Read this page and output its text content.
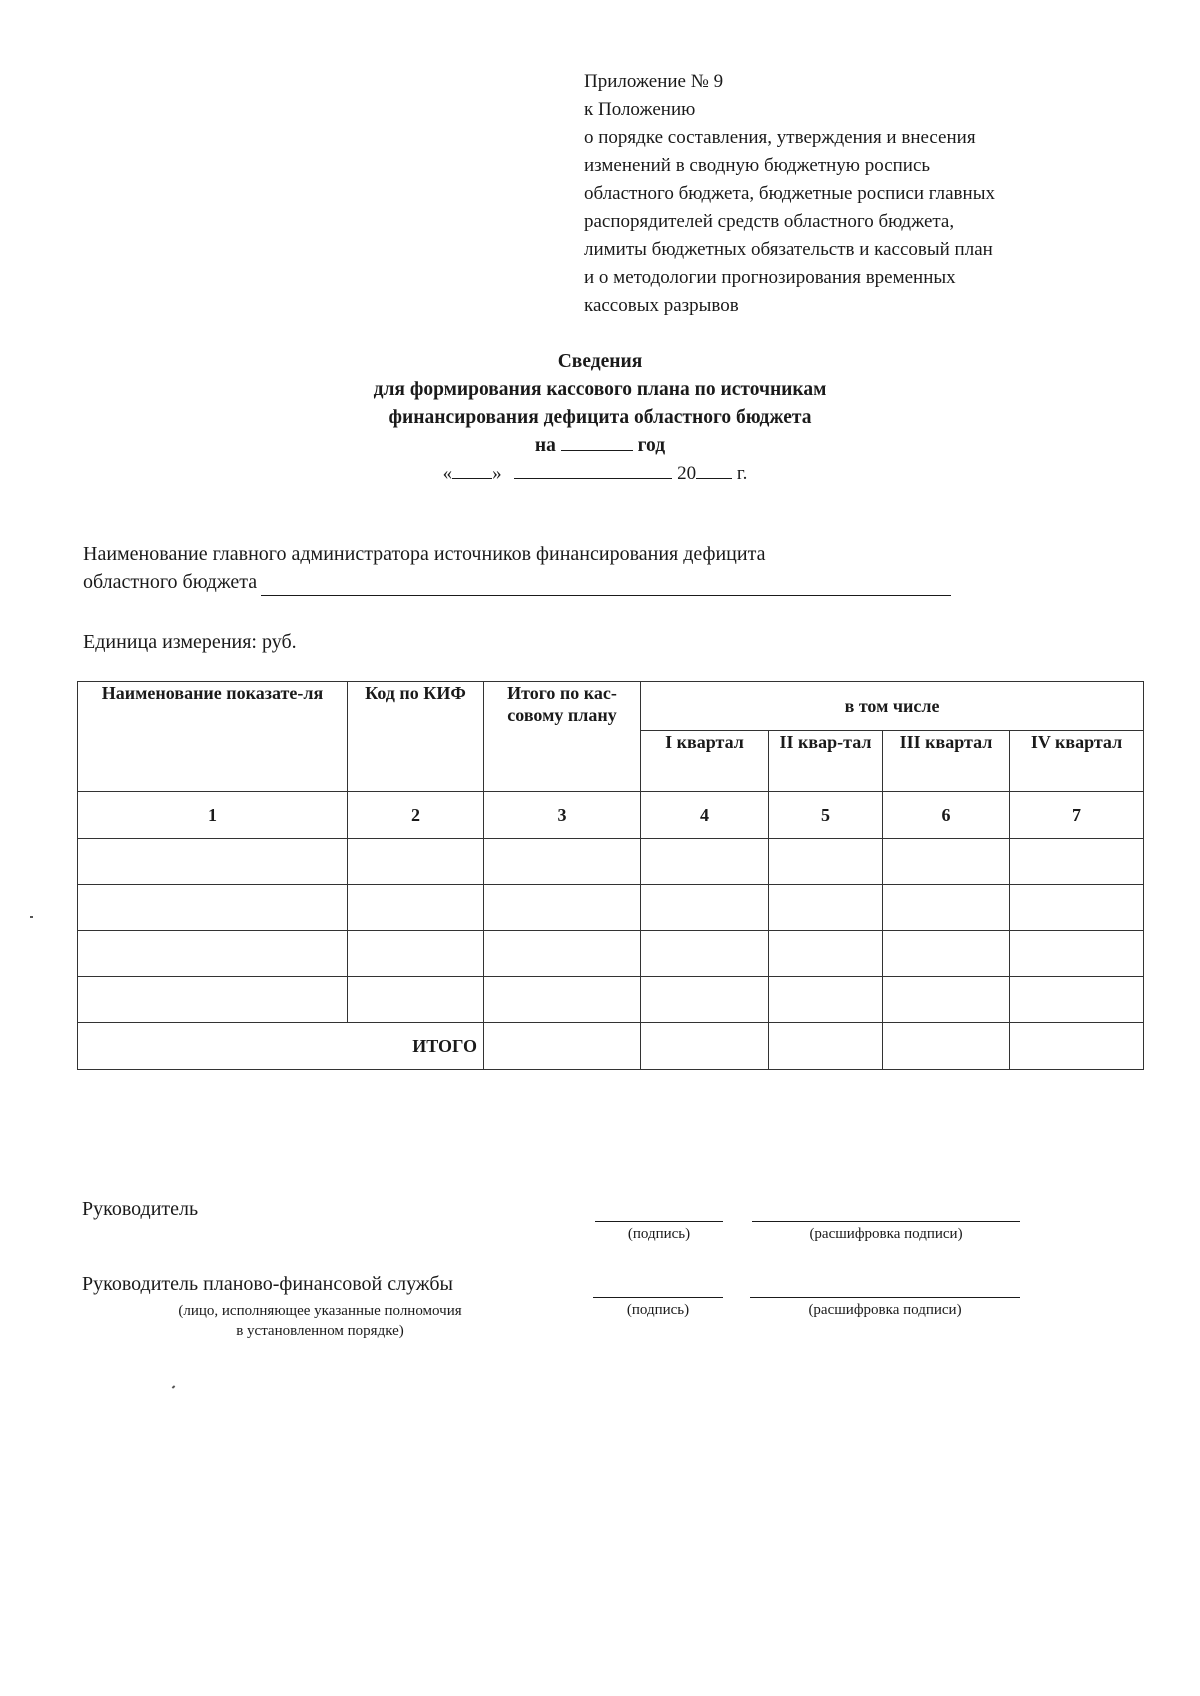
Приложение № 9
к Положению
о порядке составления, утверждения и внесения
изменений в сводную бюджетную роспись
областного бюджета, бюджетные росписи главных
распорядителей средств областного бюджета,
лимиты бюджетных обязательств и кассовый план
и о методологии прогнозирования временных
кассовых разрывов
Сведения
для формирования кассового плана по источникам
финансирования дефицита областного бюджета
на	год
« »	20 г.
Наименование главного администратора источников финансирования дефицита
областного бюджета
Единица измерения: руб.
Наименование показате-ля	Код по КИФ	Итого по кас-совому плану	в том числе			
			I квартал	II квар-тал	III квартал	IV квартал
1	2	3	4	5	6	7

ИТОГО						
Руководитель
(подпись)	(расшифровка подписи)
Руководитель планово-финансовой службы
(лицо, исполняющее указанные полномочия
в установленном порядке)
(подпись)	(расшифровка подписи)
